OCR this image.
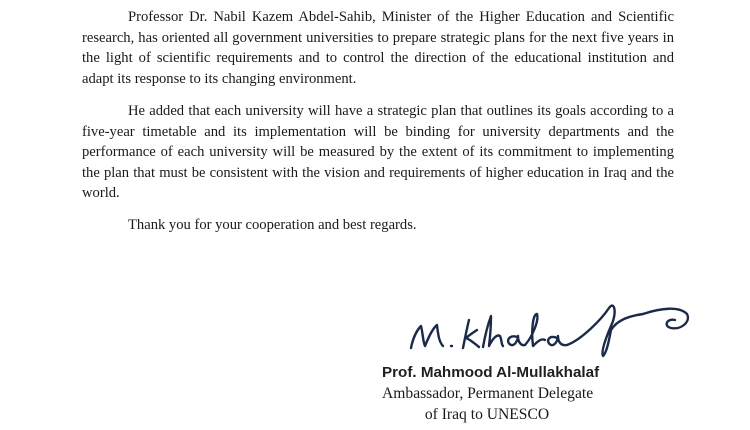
Professor Dr. Nabil Kazem Abdel-Sahib, Minister of the Higher Education and Scientific research, has oriented all government universities to prepare strategic plans for the next five years in the light of scientific requirements and to control the direction of the educational institution and adapt its response to its changing environment.

He added that each university will have a strategic plan that outlines its goals according to a five-year timetable and its implementation will be binding for university departments and the performance of each university will be measured by the extent of its commitment to implementing the plan that must be consistent with the vision and requirements of higher education in Iraq and the world.

Thank you for your cooperation and best regards.

Prof. Mahmood Al-Mullakhalaf
Ambassador, Permanent Delegate
of Iraq to UNESCO
